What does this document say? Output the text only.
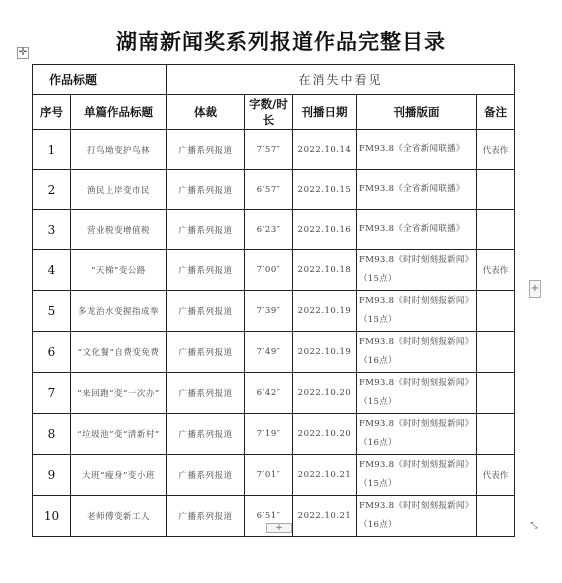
湖南新闻奖系列报道作品完整目录
✛
作品标题		在消失中看见				
序号	单篇作品标题	体裁	字数/时长	刊播日期	刊播版面	备注
1	打鸟坳变护鸟林	广播系列报道	7′57″	2022.10.14	FM93.8《全省新闻联播》	代表作
2	渔民上岸变市民	广播系列报道	6′57″	2022.10.15	FM93.8《全省新闻联播》	
3	营业税变增值税	广播系列报道	6′23″	2022.10.16	FM93.8《全省新闻联播》	
4	“天梯”变公路	广播系列报道	7′00″	2022.10.18	FM93.8《时时刻刻报新闻》（15点）	代表作
5	多龙治水变握指成拳	广播系列报道	7′39″	2022.10.19	FM93.8《时时刻刻报新闻》（15点）	
6	“文化餐”自费变免费	广播系列报道	7′49″	2022.10.19	FM93.8《时时刻刻报新闻》（16点）	
7	“来回跑”变“一次办”	广播系列报道	6′42″	2022.10.20	FM93.8《时时刻刻报新闻》（15点）	
8	“垃圾池”变“清新村”	广播系列报道	7′19″	2022.10.20	FM93.8《时时刻刻报新闻》（16点）	
9	大班“瘦身”变小班	广播系列报道	7′01″	2022.10.21	FM93.8《时时刻刻报新闻》（15点）	代表作
10	老师傅变新工人	广播系列报道	6′51″	2022.10.21	FM93.8《时时刻刻报新闻》（16点）	
+
+	⤡
